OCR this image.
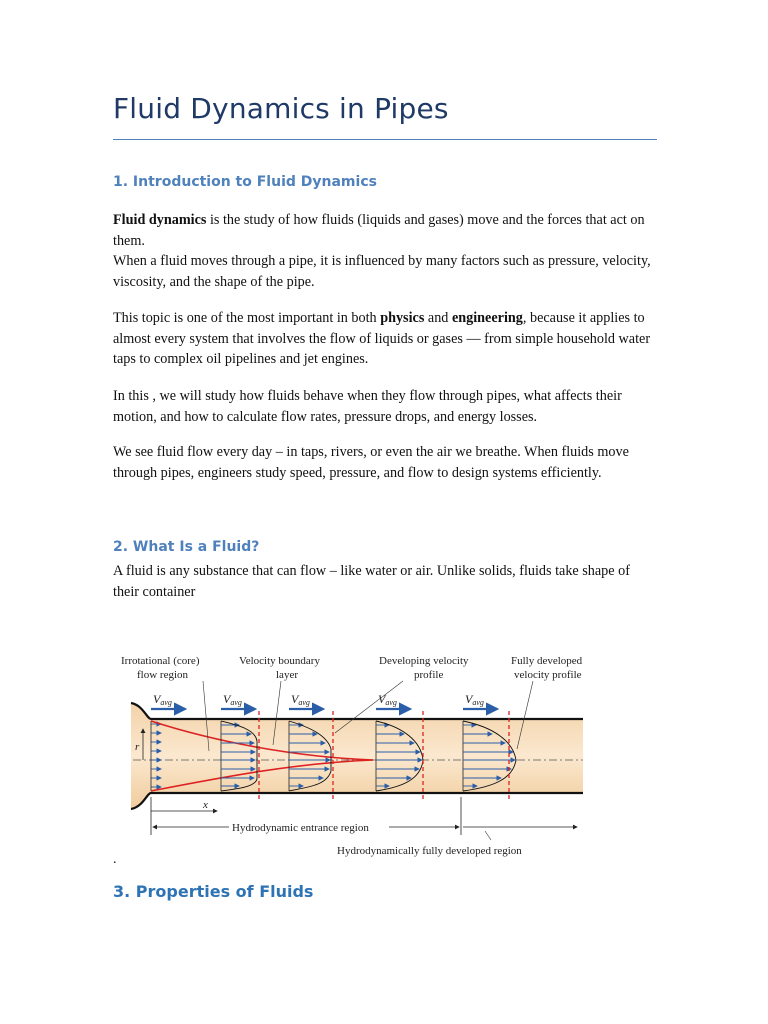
Fluid Dynamics in Pipes
1. Introduction to Fluid Dynamics

Fluid dynamics is the study of how fluids (liquids and gases) move and the forces that act on them.
When a fluid moves through a pipe, it is influenced by many factors such as pressure, velocity, viscosity, and the shape of the pipe.

This topic is one of the most important in both physics and engineering, because it applies to almost every system that involves the flow of liquids or gases — from simple household water taps to complex oil pipelines and jet engines.

In this , we will study how fluids behave when they flow through pipes, what affects their motion, and how to calculate flow rates, pressure drops, and energy losses.

We see fluid flow every day – in taps, rivers, or even the air we breathe. When fluids move through pipes, engineers study speed, pressure, and flow to design systems efficiently.

2. What Is a Fluid?

A fluid is any substance that can flow – like water or air. Unlike solids, fluids take shape of their container

r
Vavg	Vavg	Vavg	Vavg	Vavg
Irrotational (core)
flow region
Velocity boundary
layer
Developing velocity
profile
Fully developed
velocity profile
x
Hydrodynamic entrance region
Hydrodynamically fully developed region
.
3. Properties of Fluids
